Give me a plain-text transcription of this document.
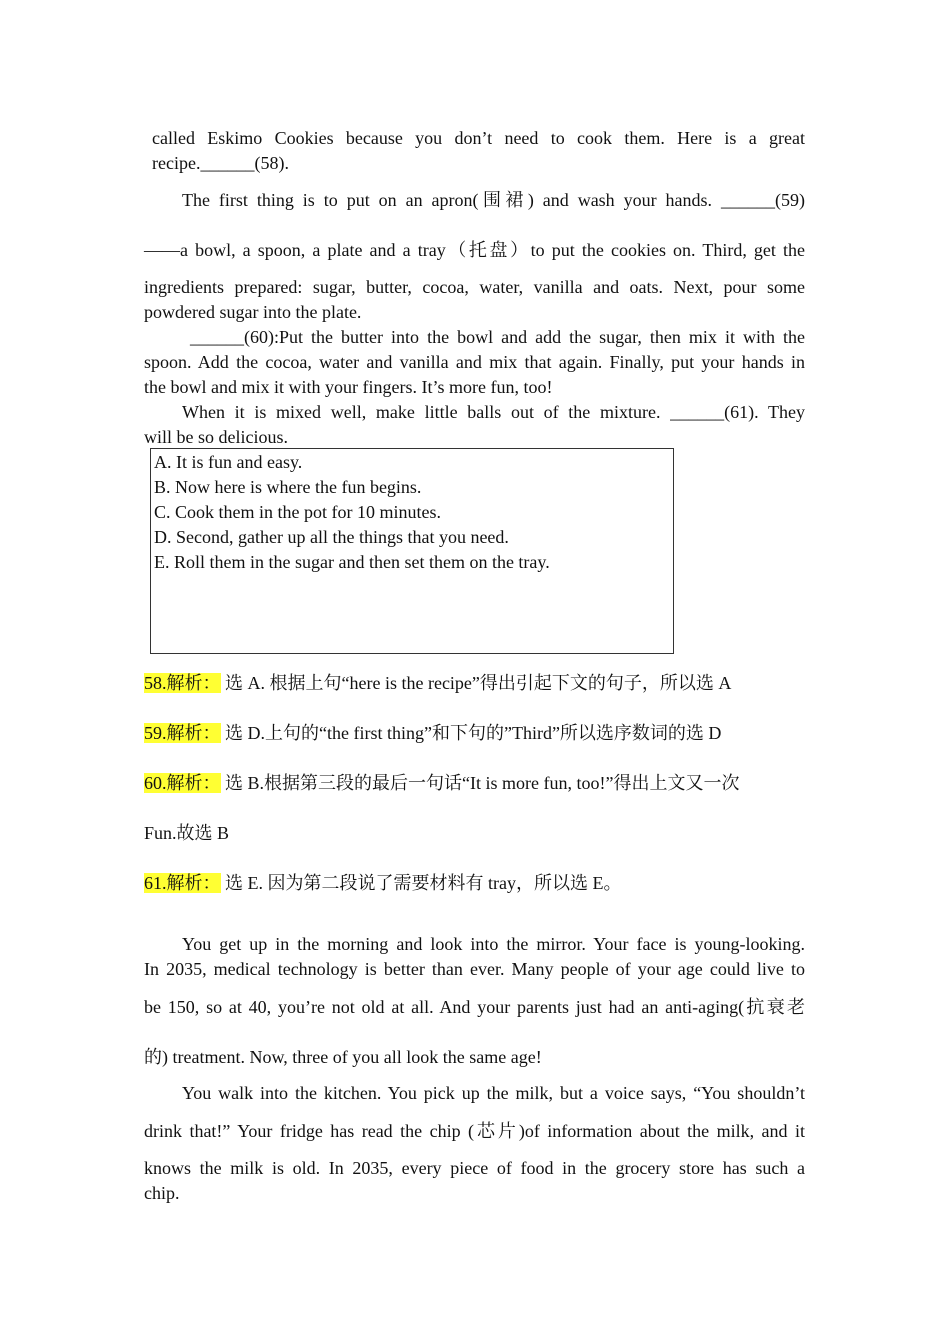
called Eskimo Cookies because you don’t need to cook them. Here is a great
recipe.______(58).
The first thing is to put on an apron(围裙) and wash your hands. ______(59)
——a bowl, a spoon, a plate and a tray（托盘）to put the cookies on. Third, get the
ingredients prepared: sugar, butter, cocoa, water, vanilla and oats. Next, pour some
powdered sugar into the plate.
______(60):Put the butter into the bowl and add the sugar, then mix it with the
spoon. Add the cocoa, water and vanilla and mix that again. Finally, put your hands in
the bowl and mix it with your fingers. It’s more fun, too!
When it is mixed well, make little balls out of the mixture. ______(61). They
will be so delicious.
A. It is fun and easy.
B. Now here is where the fun begins.
C. Cook them in the pot for 10 minutes.
D. Second, gather up all the things that you need.
E. Roll them in the sugar and then set them on the tray.
58.解析： 选 A. 根据上句“here is the recipe”得出引起下文的句子，所以选 A
59.解析： 选 D.上句的“the first thing”和下句的”Third”所以选序数词的选 D
60.解析： 选 B.根据第三段的最后一句话“It is more fun, too!”得出上文又一次
Fun.故选 B
61.解析： 选 E. 因为第二段说了需要材料有 tray，所以选 E。
You get up in the morning and look into the mirror. Your face is young-looking.
In 2035, medical technology is better than ever. Many people of your age could live to
be 150, so at 40, you’re not old at all. And your parents just had an anti-aging(抗衰老
的) treatment. Now, three of you all look the same age!
You walk into the kitchen. You pick up the milk, but a voice says, “You shouldn’t
drink that!” Your fridge has read the chip (芯片)of information about the milk, and it
knows the milk is old. In 2035, every piece of food in the grocery store has such a
chip.
